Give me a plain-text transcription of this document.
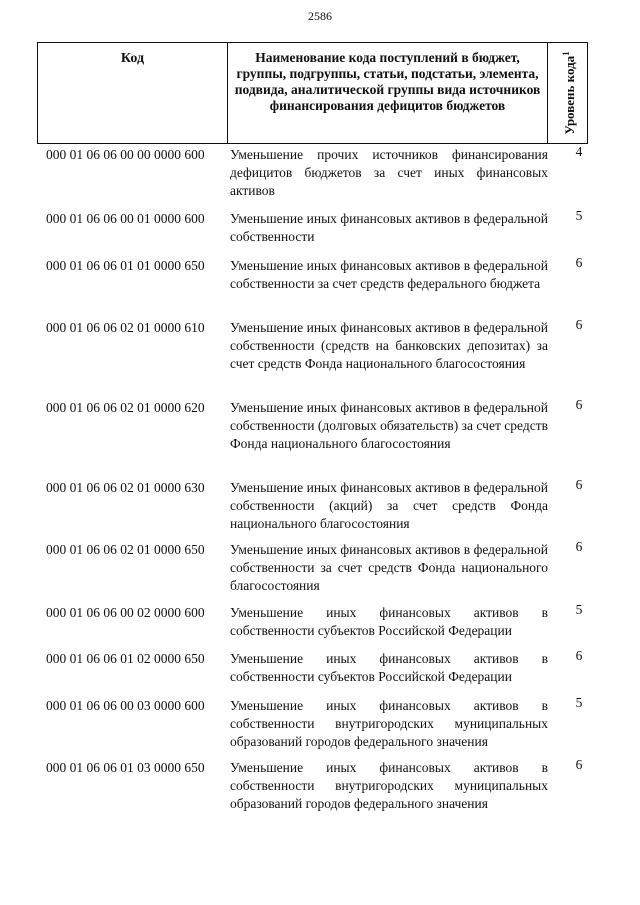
2586
Код	Наименование кода поступлений в бюджет, группы, подгруппы, статьи, подстатьи, элемента, подвида, аналитической группы вида источников финансирования дефицитов бюджетов	Уровень кода$^1$
000 01 06 06 00 00 0000 600 Уменьшение прочих источников финансирования дефицитов бюджетов за счет иных финансовых активов
4
000 01 06 06 00 01 0000 600 Уменьшение иных финансовых активов в федеральной собственности
5
000 01 06 06 01 01 0000 650 Уменьшение иных финансовых активов в федеральной собственности за счет средств федерального бюджета
6
000 01 06 06 02 01 0000 610 Уменьшение иных финансовых активов в федеральной собственности (средств на банковских депозитах) за счет средств Фонда национального благосостояния
6
000 01 06 06 02 01 0000 620 Уменьшение иных финансовых активов в федеральной собственности (долговых обязательств) за счет средств Фонда национального благосостояния
6
000 01 06 06 02 01 0000 630 Уменьшение иных финансовых активов в федеральной собственности (акций) за счет средств Фонда национального благосостояния
6
000 01 06 06 02 01 0000 650 Уменьшение иных финансовых активов в федеральной собственности за счет средств Фонда национального благосостояния
6
000 01 06 06 00 02 0000 600 Уменьшение иных финансовых активов в собственности субъектов Российской Федерации
5
000 01 06 06 01 02 0000 650 Уменьшение иных финансовых активов в собственности субъектов Российской Федерации
6
000 01 06 06 00 03 0000 600 Уменьшение иных финансовых активов в собственности внутригородских муниципальных образований городов федерального значения
5
000 01 06 06 01 03 0000 650 Уменьшение иных финансовых активов в собственности внутригородских муниципальных образований городов федерального значения
6
